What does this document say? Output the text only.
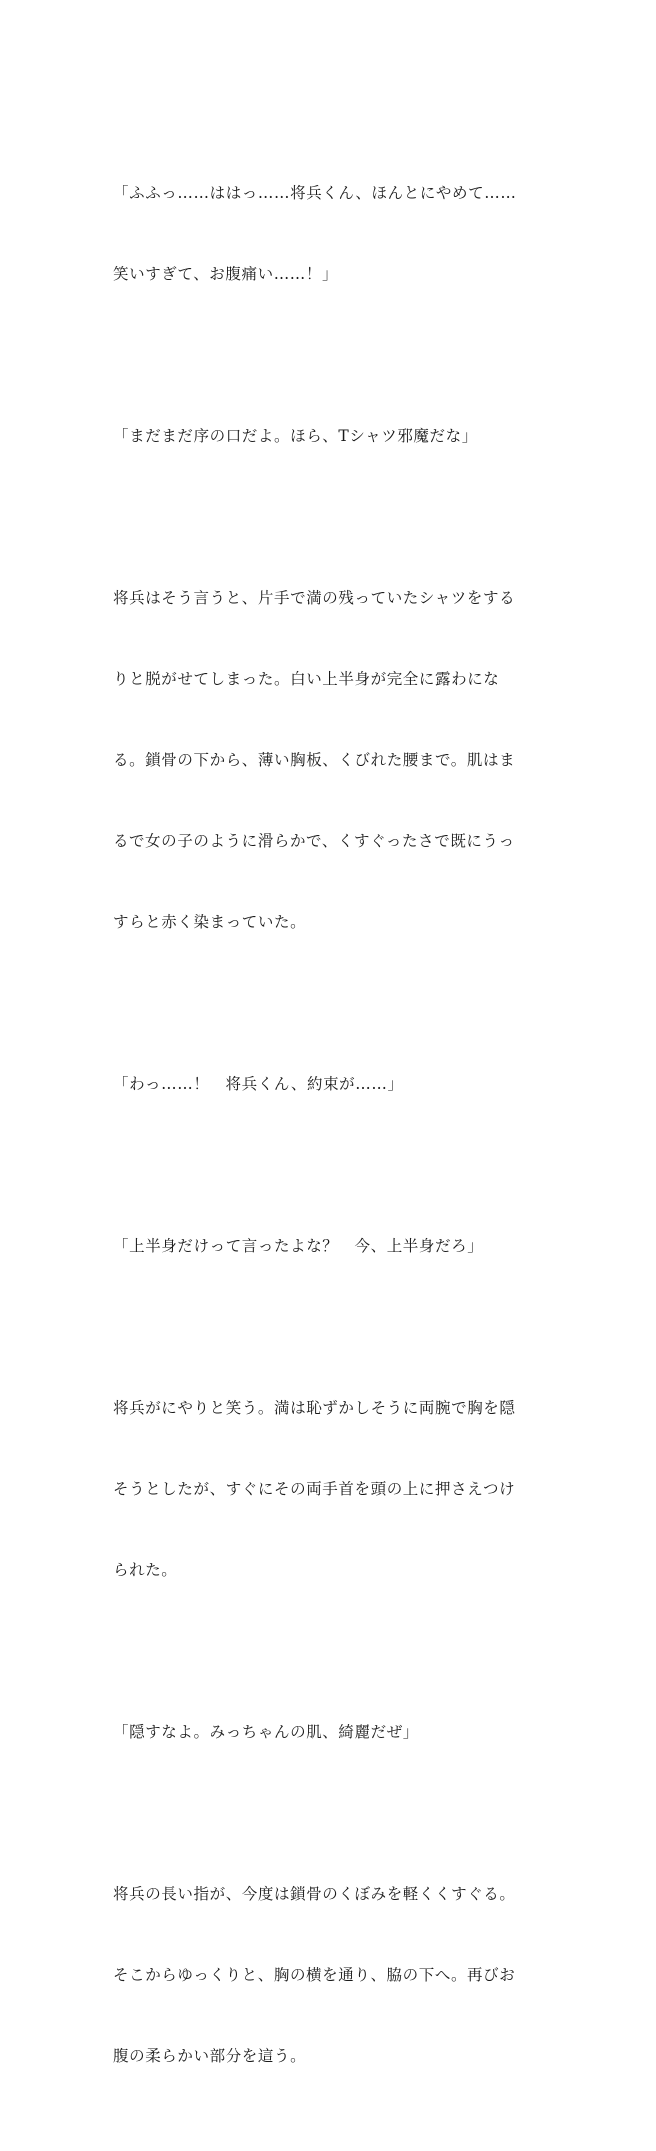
「ふふっ……ははっ……将兵くん、ほんとにやめて……

笑いすぎて、お腹痛い……！」

「まだまだ序の口だよ。ほら、Tシャツ邪魔だな」

将兵はそう言うと、片手で満の残っていたシャツをする

りと脱がせてしまった。白い上半身が完全に露わにな

る。鎖骨の下から、薄い胸板、くびれた腰まで。肌はま

るで女の子のように滑らかで、くすぐったさで既にうっ

すらと赤く染まっていた。

「わっ……！　将兵くん、約束が……」

「上半身だけって言ったよな？　今、上半身だろ」

将兵がにやりと笑う。満は恥ずかしそうに両腕で胸を隠

そうとしたが、すぐにその両手首を頭の上に押さえつけ

られた。

「隠すなよ。みっちゃんの肌、綺麗だぜ」

将兵の長い指が、今度は鎖骨のくぼみを軽くくすぐる。

そこからゆっくりと、胸の横を通り、脇の下へ。再びお

腹の柔らかい部分を這う。
